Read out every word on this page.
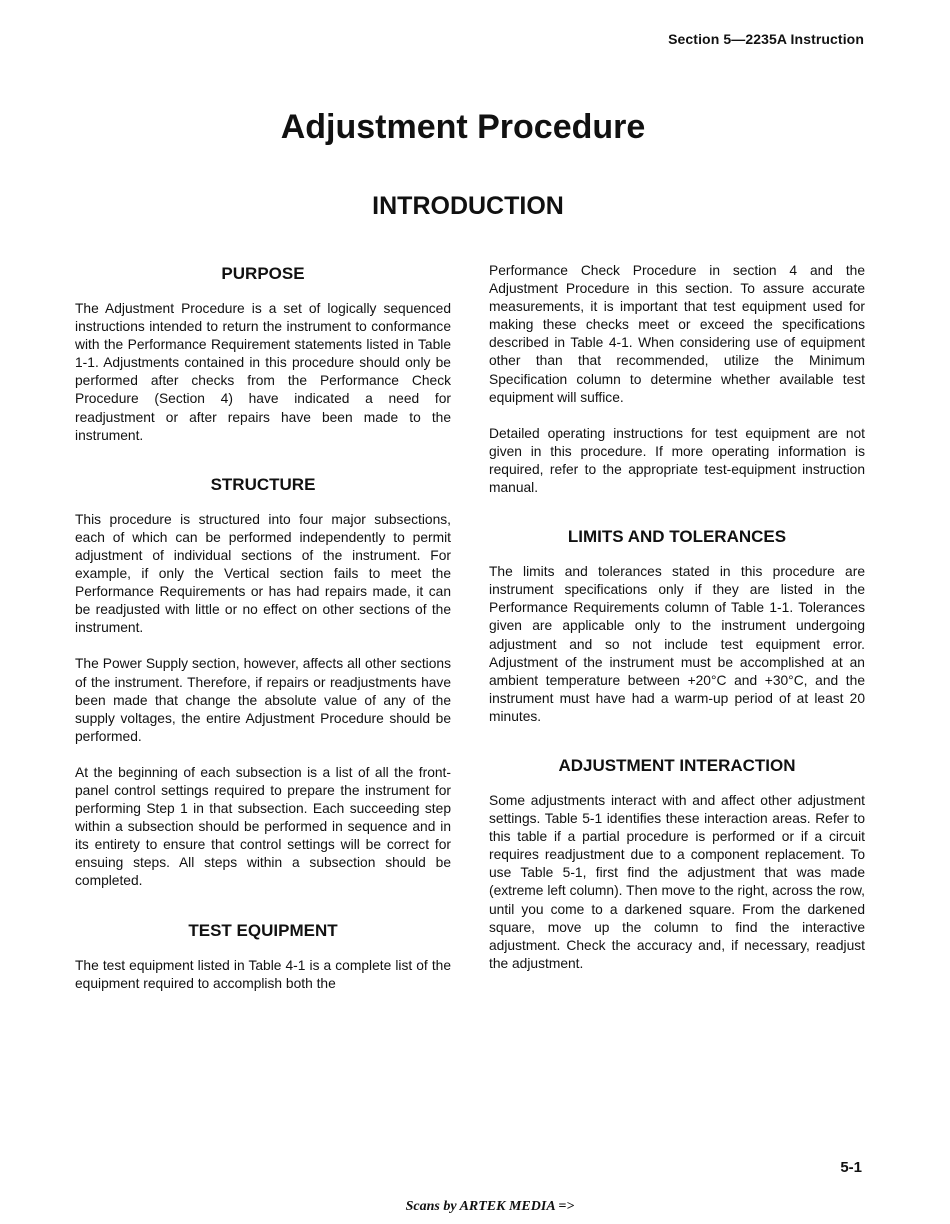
Section 5—2235A Instruction
Adjustment Procedure
INTRODUCTION
PURPOSE

The Adjustment Procedure is a set of logically sequenced instructions intended to return the instrument to conformance with the Performance Requirement statements listed in Table 1-1. Adjustments contained in this procedure should only be performed after checks from the Performance Check Procedure (Section 4) have indicated a need for readjustment or after repairs have been made to the instrument.

STRUCTURE

This procedure is structured into four major subsections, each of which can be performed independently to permit adjustment of individual sections of the instrument. For example, if only the Vertical section fails to meet the Performance Requirements or has had repairs made, it can be readjusted with little or no effect on other sections of the instrument.

The Power Supply section, however, affects all other sections of the instrument. Therefore, if repairs or readjustments have been made that change the absolute value of any of the supply voltages, the entire Adjustment Procedure should be performed.

At the beginning of each subsection is a list of all the front-panel control settings required to prepare the instrument for performing Step 1 in that subsection. Each succeeding step within a subsection should be performed in sequence and in its entirety to ensure that control settings will be correct for ensuing steps. All steps within a subsection should be completed.

TEST EQUIPMENT

The test equipment listed in Table 4-1 is a complete list of the equipment required to accomplish both the

Performance Check Procedure in section 4 and the Adjustment Procedure in this section. To assure accurate measurements, it is important that test equipment used for making these checks meet or exceed the specifications described in Table 4-1. When considering use of equipment other than that recommended, utilize the Minimum Specification column to determine whether available test equipment will suffice.

Detailed operating instructions for test equipment are not given in this procedure. If more operating information is required, refer to the appropriate test-equipment instruction manual.

LIMITS AND TOLERANCES

The limits and tolerances stated in this procedure are instrument specifications only if they are listed in the Performance Requirements column of Table 1-1. Tolerances given are applicable only to the instrument undergoing adjustment and so not include test equipment error. Adjustment of the instrument must be accomplished at an ambient temperature between +20°C and +30°C, and the instrument must have had a warm-up period of at least 20 minutes.

ADJUSTMENT INTERACTION

Some adjustments interact with and affect other adjustment settings. Table 5-1 identifies these interaction areas. Refer to this table if a partial procedure is performed or if a circuit requires readjustment due to a component replacement. To use Table 5-1, first find the adjustment that was made (extreme left column). Then move to the right, across the row, until you come to a darkened square. From the darkened square, move up the column to find the interactive adjustment. Check the accuracy and, if necessary, readjust the adjustment.

5-1
Scans by ARTEK MEDIA =>
